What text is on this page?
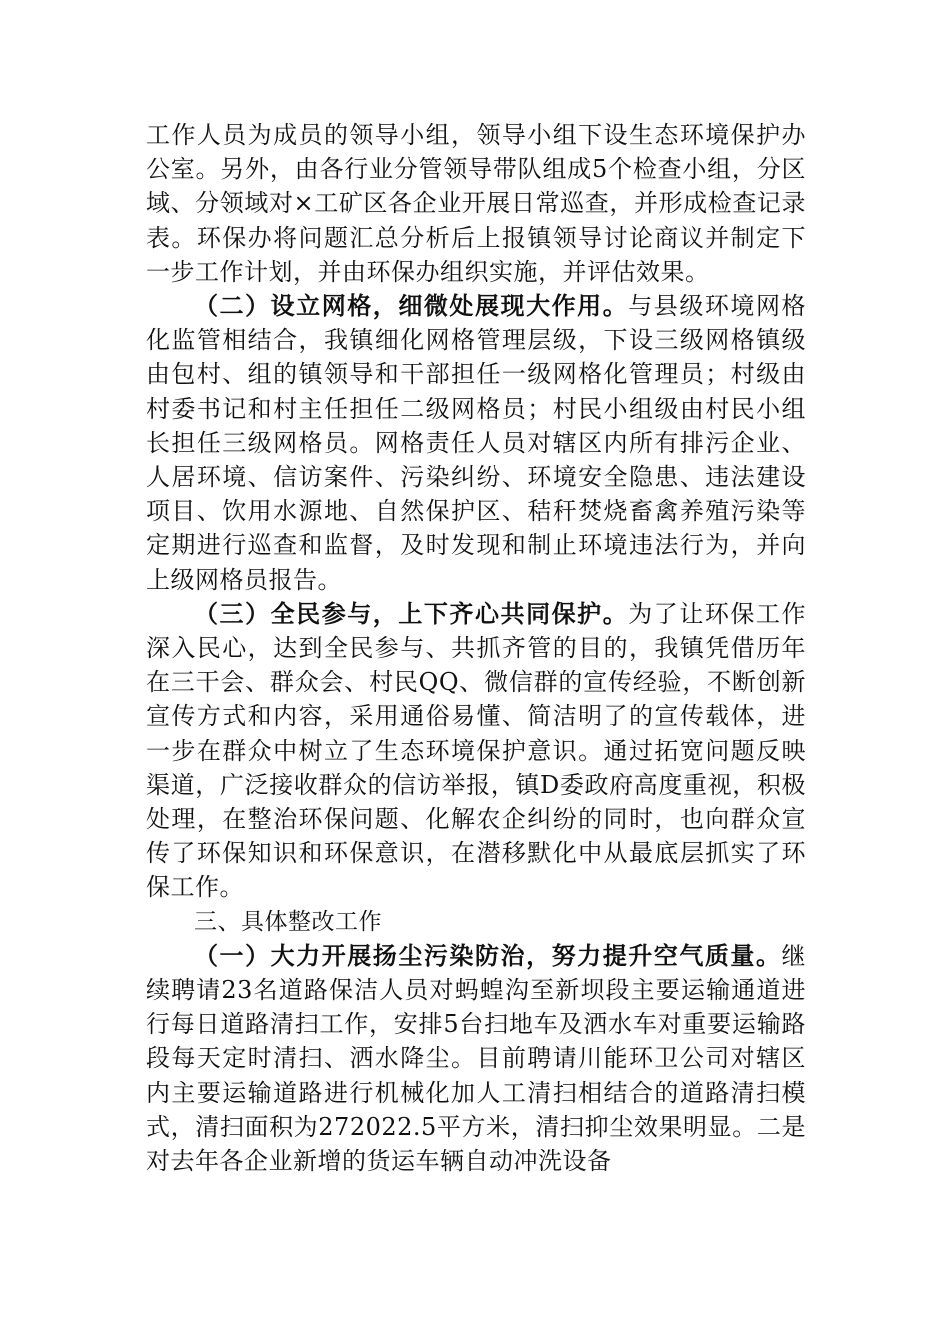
工作人员为成员的领导小组，领导小组下设生态环境保护办公室。另外，由各行业分管领导带队组成5个检查小组，分区域、分领域对×工矿区各企业开展日常巡查，并形成检查记录表。环保办将问题汇总分析后上报镇领导讨论商议并制定下一步工作计划，并由环保办组织实施，并评估效果。

（二）设立网格，细微处展现大作用。与县级环境网格化监管相结合，我镇细化网格管理层级，下设三级网格镇级由包村、组的镇领导和干部担任一级网格化管理员；村级由村委书记和村主任担任二级网格员；村民小组级由村民小组长担任三级网格员。网格责任人员对辖区内所有排污企业、人居环境、信访案件、污染纠纷、环境安全隐患、违法建设项目、饮用水源地、自然保护区、秸秆焚烧畜禽养殖污染等定期进行巡查和监督，及时发现和制止环境违法行为，并向上级网格员报告。

（三）全民参与，上下齐心共同保护。为了让环保工作深入民心，达到全民参与、共抓齐管的目的，我镇凭借历年在三干会、群众会、村民QQ、微信群的宣传经验，不断创新宣传方式和内容，采用通俗易懂、简洁明了的宣传载体，进一步在群众中树立了生态环境保护意识。通过拓宽问题反映渠道，广泛接收群众的信访举报，镇D委政府高度重视，积极处理，在整治环保问题、化解农企纠纷的同时，也向群众宣传了环保知识和环保意识，在潜移默化中从最底层抓实了环保工作。

三、具体整改工作

（一）大力开展扬尘污染防治，努力提升空气质量。继续聘请23名道路保洁人员对蚂蝗沟至新坝段主要运输通道进行每日道路清扫工作，安排5台扫地车及洒水车对重要运输路段每天定时清扫、洒水降尘。目前聘请川能环卫公司对辖区内主要运输道路进行机械化加人工清扫相结合的道路清扫模式，清扫面积为272022.5平方米，清扫抑尘效果明显。二是对去年各企业新增的货运车辆自动冲洗设备
